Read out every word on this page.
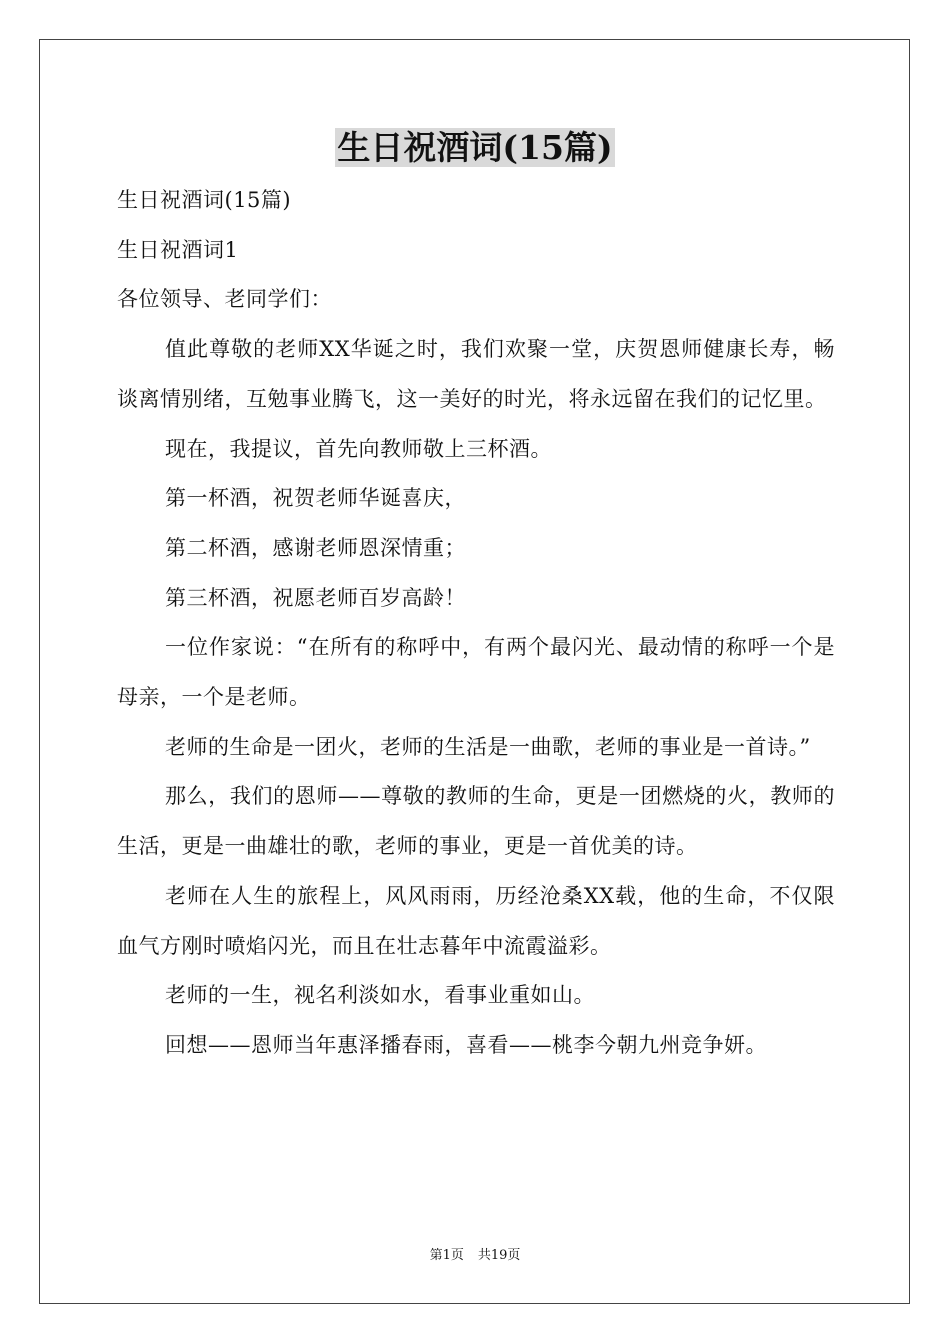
生日祝酒词(15篇)

生日祝酒词(15篇)

生日祝酒词1

各位领导、老同学们：

值此尊敬的老师XX华诞之时，我们欢聚一堂，庆贺恩师健康长寿，畅谈离情别绪，互勉事业腾飞，这一美好的时光，将永远留在我们的记忆里。

现在，我提议，首先向教师敬上三杯酒。

第一杯酒，祝贺老师华诞喜庆，

第二杯酒，感谢老师恩深情重；

第三杯酒，祝愿老师百岁高龄！

一位作家说：“在所有的称呼中，有两个最闪光、最动情的称呼一个是母亲，一个是老师。

老师的生命是一团火，老师的生活是一曲歌，老师的事业是一首诗。”

那么，我们的恩师——尊敬的教师的生命，更是一团燃烧的火，教师的生活，更是一曲雄壮的歌，老师的事业，更是一首优美的诗。

老师在人生的旅程上，风风雨雨，历经沧桑XX载，他的生命，不仅限血气方刚时喷焰闪光，而且在壮志暮年中流霞溢彩。

老师的一生，视名利淡如水，看事业重如山。

回想——恩师当年惠泽播春雨，喜看——桃李今朝九州竞争妍。

第1页 共19页
